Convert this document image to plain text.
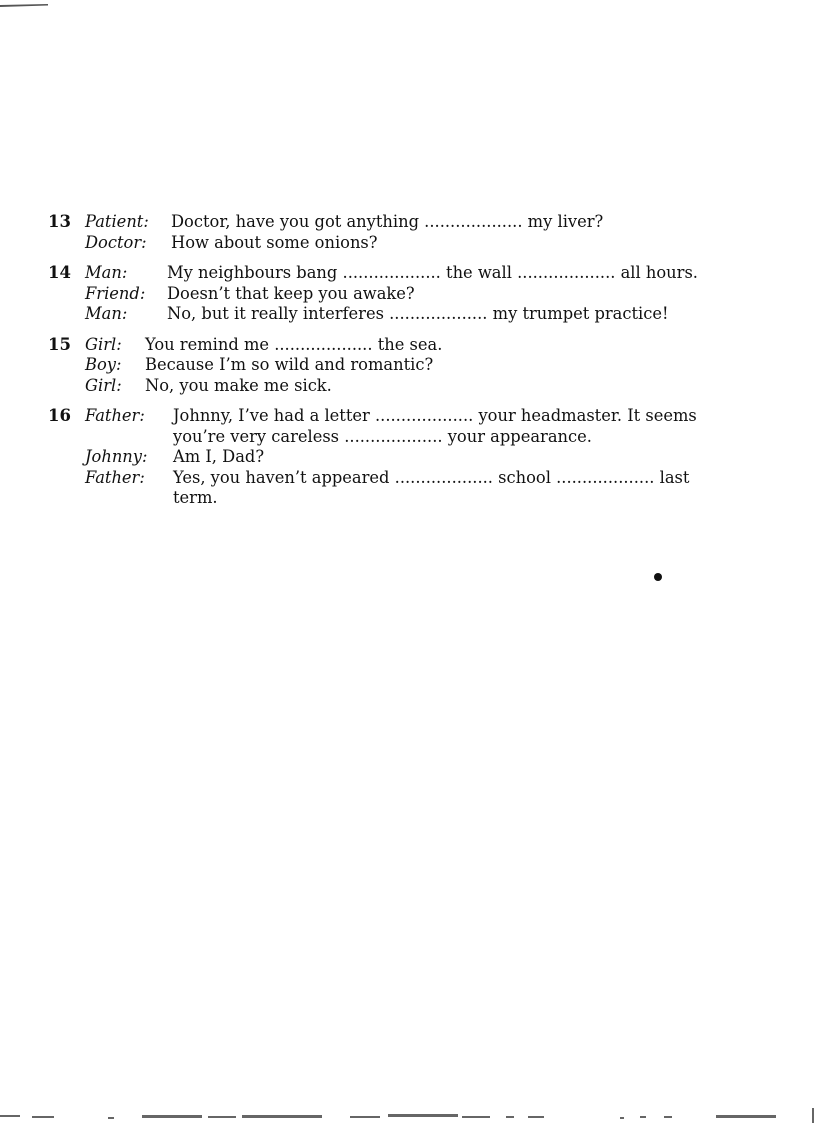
13 Patient: Doctor, have you got anything ................... my liver?
Doctor: How about some onions?
14 Man: My neighbours bang ................... the wall ................... all hours.
Friend: Doesn’t that keep you awake?
Man: No, but it really interferes ................... my trumpet practice!
15 Girl: You remind me ................... the sea.
Boy: Because I’m so wild and romantic?
Girl: No, you make me sick.
16 Father: Johnny, I’ve had a letter ................... your headmaster. It seems
you’re very careless ................... your appearance.
Johnny: Am I, Dad?
Father: Yes, you haven’t appeared ................... school ................... last
term.
